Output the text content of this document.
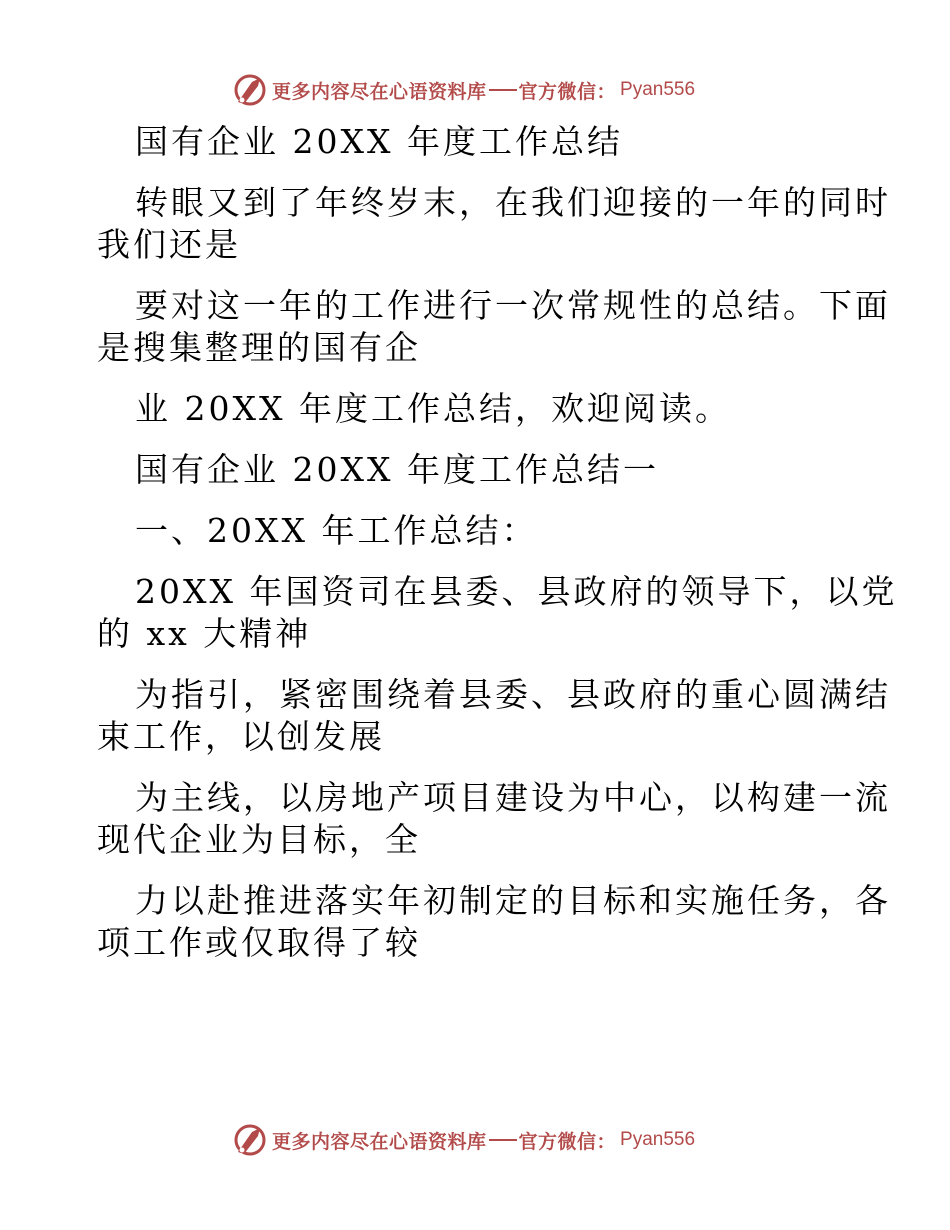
更多内容尽在心语资料库 官方微信： Pyan556

国有企业 20XX 年度工作总结

转眼又到了年终岁末，在我们迎接的一年的同时

我们还是

要对这一年的工作进行一次常规性的总结。下面

是搜集整理的国有企

业 20XX 年度工作总结，欢迎阅读。

国有企业 20XX 年度工作总结一

一、20XX 年工作总结：

20XX 年国资司在县委、县政府的领导下，以党

的 xx 大精神

为指引，紧密围绕着县委、县政府的重心圆满结

束工作，以创发展

为主线，以房地产项目建设为中心，以构建一流

现代企业为目标，全

力以赴推进落实年初制定的目标和实施任务，各

项工作或仅取得了较

更多内容尽在心语资料库 官方微信： Pyan556
